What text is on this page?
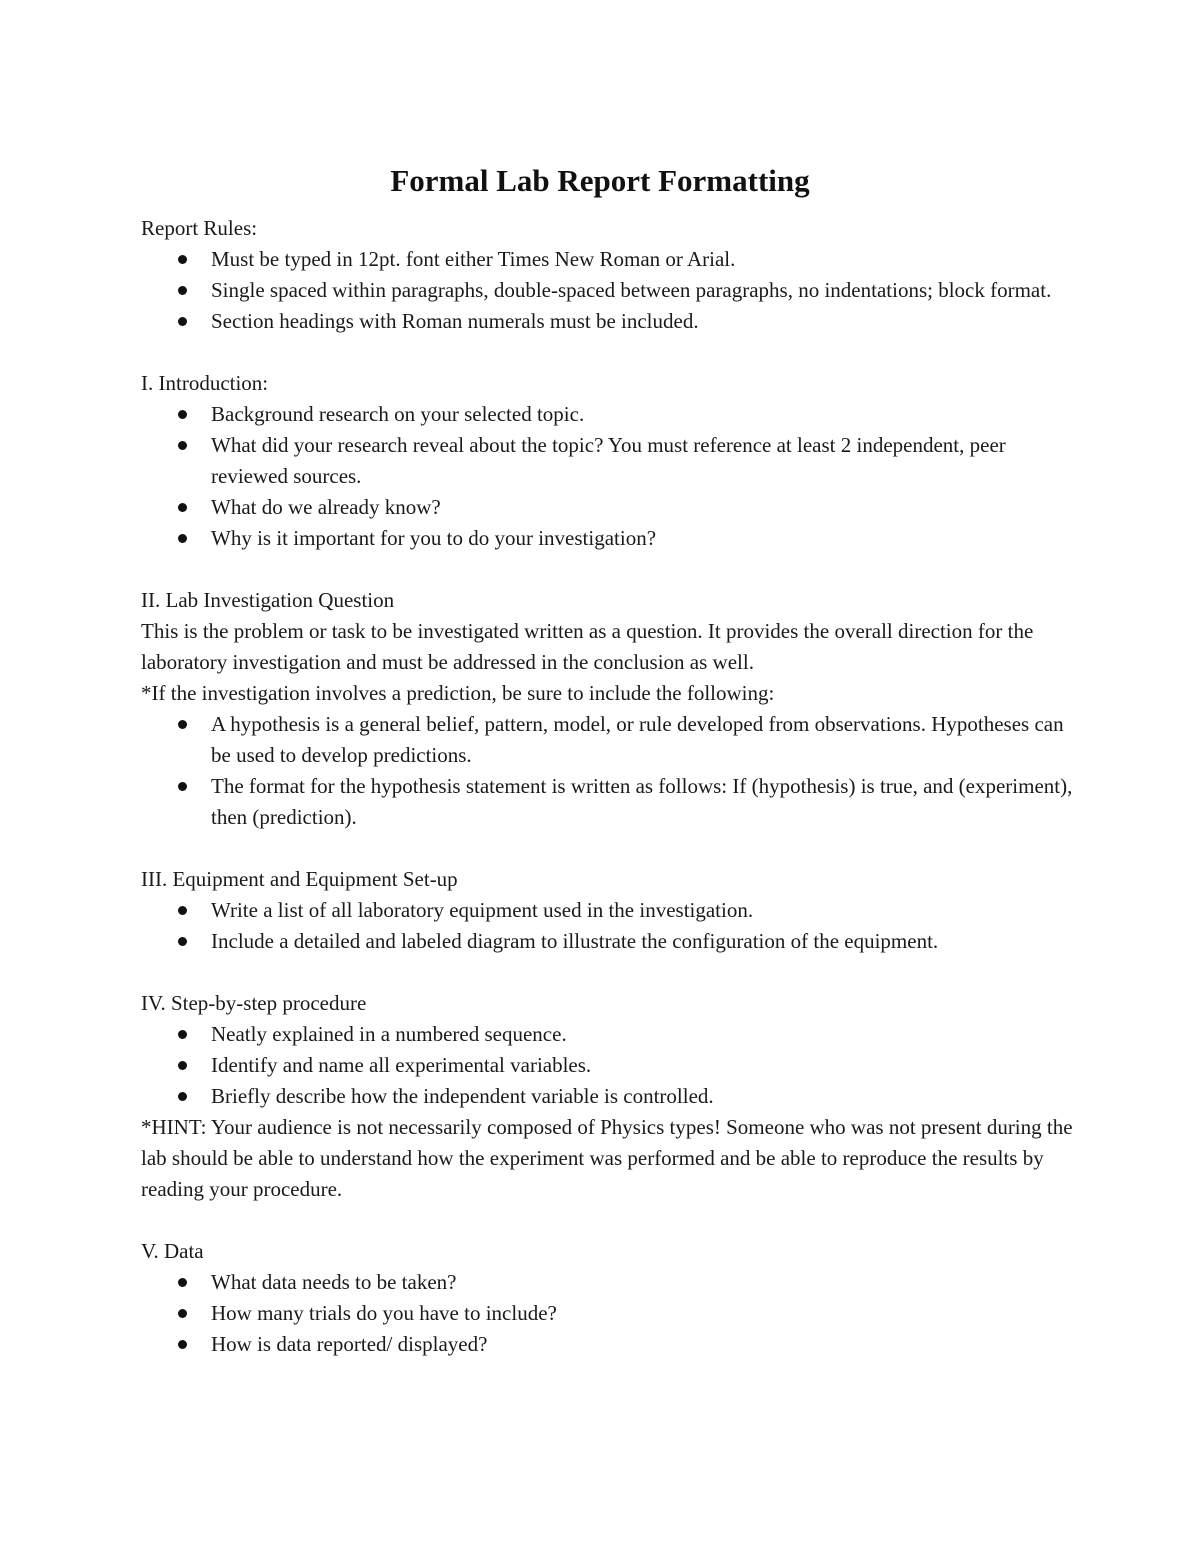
Formal Lab Report Formatting

Report Rules:

Must be typed in 12pt. font either Times New Roman or Arial.
Single spaced within paragraphs, double-spaced between paragraphs, no indentations; block format.
Section headings with Roman numerals must be included.

I. Introduction:

Background research on your selected topic.
What did your research reveal about the topic? You must reference at least 2 independent, peer reviewed sources.
What do we already know?
Why is it important for you to do your investigation?

II. Lab Investigation Question

This is the problem or task to be investigated written as a question. It provides the overall direction for the laboratory investigation and must be addressed in the conclusion as well.

*If the investigation involves a prediction, be sure to include the following:

A hypothesis is a general belief, pattern, model, or rule developed from observations. Hypotheses can be used to develop predictions.
The format for the hypothesis statement is written as follows: If (hypothesis) is true, and (experiment), then (prediction).

III. Equipment and Equipment Set-up

Write a list of all laboratory equipment used in the investigation.
Include a detailed and labeled diagram to illustrate the configuration of the equipment.

IV. Step-by-step procedure

Neatly explained in a numbered sequence.
Identify and name all experimental variables.
Briefly describe how the independent variable is controlled.

*HINT: Your audience is not necessarily composed of Physics types! Someone who was not present during the lab should be able to understand how the experiment was performed and be able to reproduce the results by reading your procedure.

V. Data

What data needs to be taken?
How many trials do you have to include?
How is data reported/ displayed?
